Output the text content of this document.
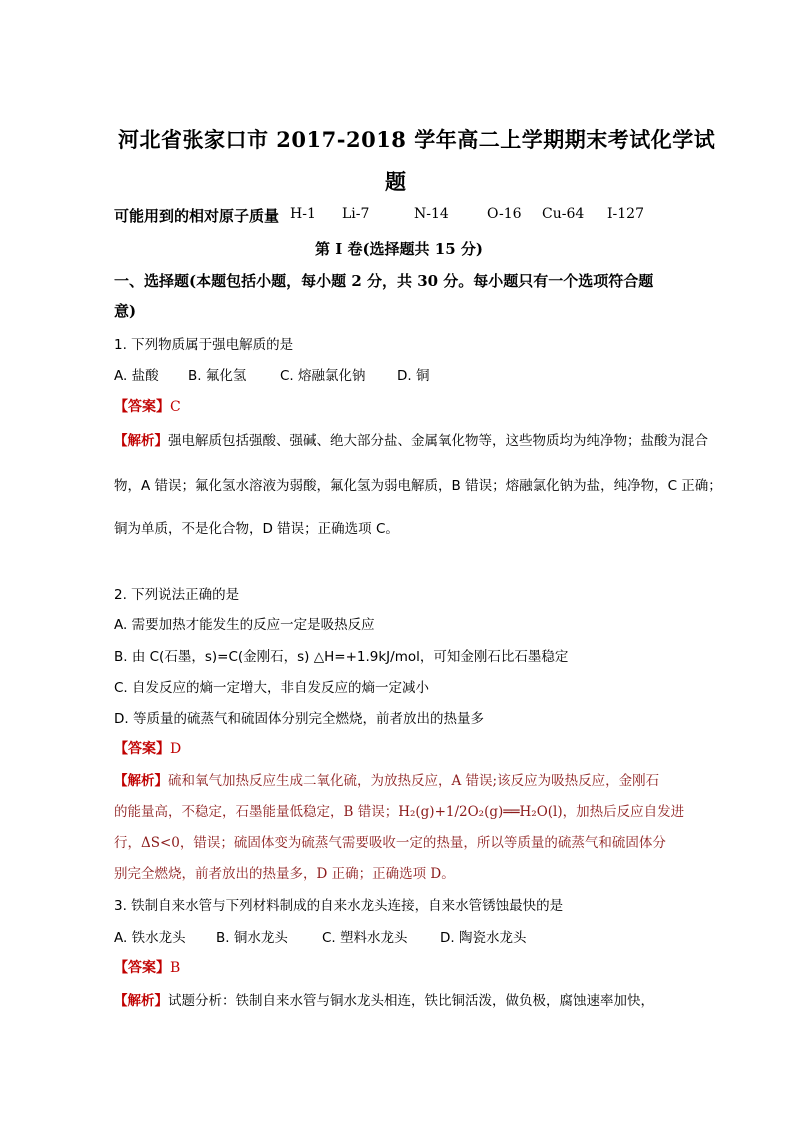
河北省张家口市 2017-2018 学年高二上学期期末考试化学试
题
可能用到的相对原子质量 H-1 Li-7	N-14	O-16 Cu-64 I-127
第 I 卷(选择题共 15 分)
一、选择题(本题包括小题，每小题 2 分，共 30 分。每小题只有一个选项符合题
意)
1. 下列物质属于强电解质的是
A. 盐酸 B. 氟化氢 C. 熔融氯化钠 D. 铜
【答案】C
【解析】强电解质包括强酸、强碱、绝大部分盐、金属氧化物等，这些物质均为纯净物；盐酸为混合
物，A 错误；氟化氢水溶液为弱酸，氟化氢为弱电解质，B 错误；熔融氯化钠为盐，纯净物，C 正确；
铜为单质，不是化合物，D 错误；正确选项 C。
2. 下列说法正确的是
A. 需要加热才能发生的反应一定是吸热反应
B. 由 C(石墨，s)=C(金刚石，s) △H=+1.9kJ/mol，可知金刚石比石墨稳定
C. 自发反应的熵一定增大，非自发反应的熵一定减小
D. 等质量的硫蒸气和硫固体分别完全燃烧，前者放出的热量多
【答案】D
【解析】硫和氧气加热反应生成二氧化硫，为放热反应，A 错误;该反应为吸热反应，金刚石
的能量高，不稳定，石墨能量低稳定，B 错误；H₂(g)+1/2O₂(g)══H₂O(l)，加热后反应自发进
行，ΔS<0，错误；硫固体变为硫蒸气需要吸收一定的热量，所以等质量的硫蒸气和硫固体分
别完全燃烧，前者放出的热量多，D 正确；正确选项 D。
3. 铁制自来水管与下列材料制成的自来水龙头连接，自来水管锈蚀最快的是
A. 铁水龙头 B. 铜水龙头	C. 塑料水龙头 D. 陶瓷水龙头
【答案】B
【解析】试题分析：铁制自来水管与铜水龙头相连，铁比铜活泼，做负极，腐蚀速率加快，
